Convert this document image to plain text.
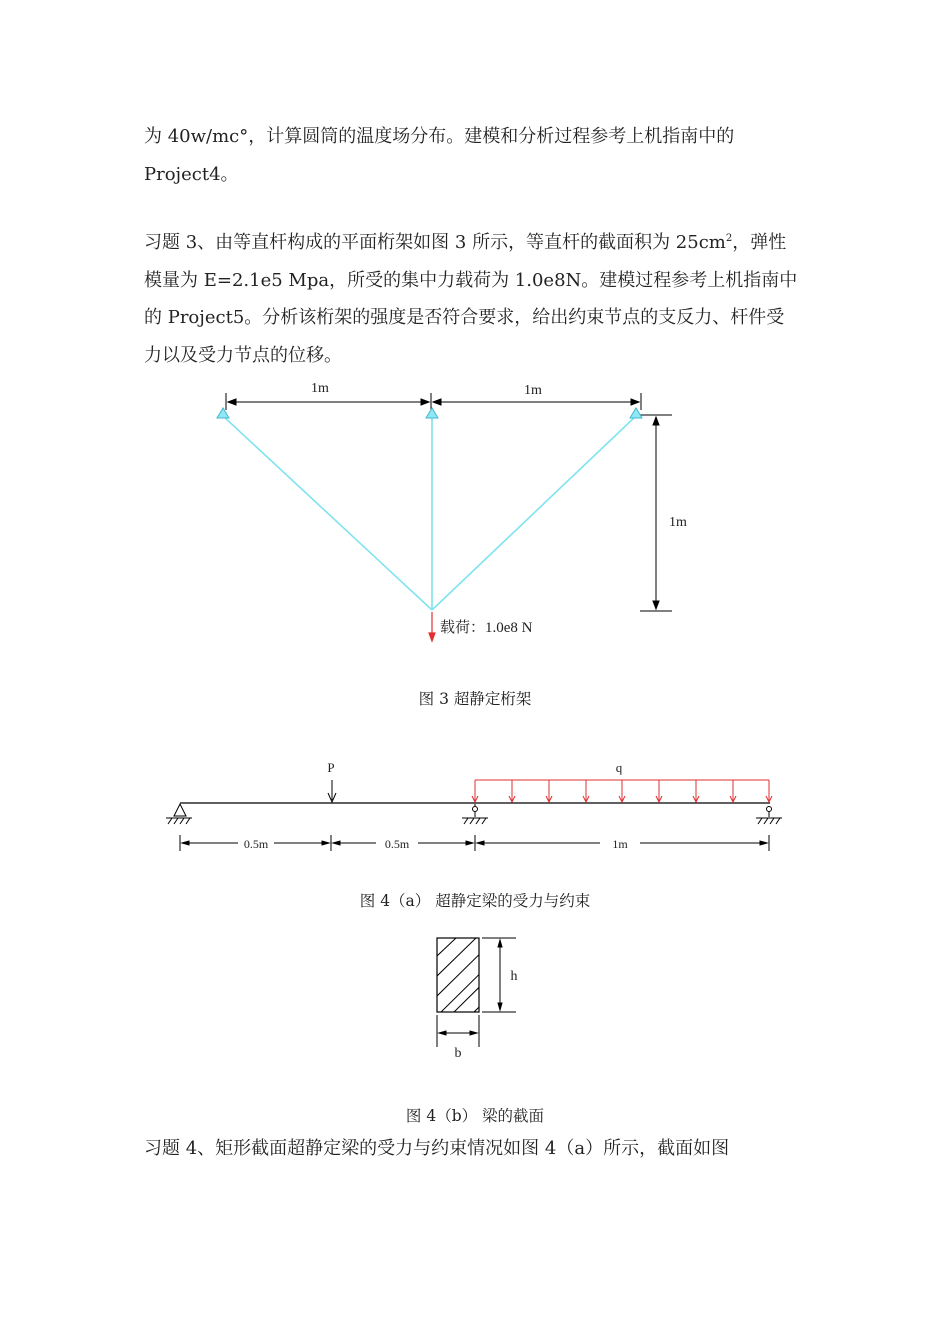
为 40w/mc°，计算圆筒的温度场分布。建模和分析过程参考上机指南中的

Project4。

习题 3、由等直杆构成的平面桁架如图 3 所示，等直杆的截面积为 $25cm^2$，弹性

模量为 E=2.1e5 Mpa，所受的集中力载荷为 1.0e8N。建模过程参考上机指南中

的 Project5。分析该桁架的强度是否符合要求，给出约束节点的支反力、杆件受

力以及受力节点的位移。

1m	1m
1m
载荷：1.0e8 N

图 3 超静定桁架

P	q
0.5m	0.5m	1m

图 4（a） 超静定梁的受力与约束

h
b

图 4（b） 梁的截面

习题 4、矩形截面超静定梁的受力与约束情况如图 4（a）所示，截面如图
